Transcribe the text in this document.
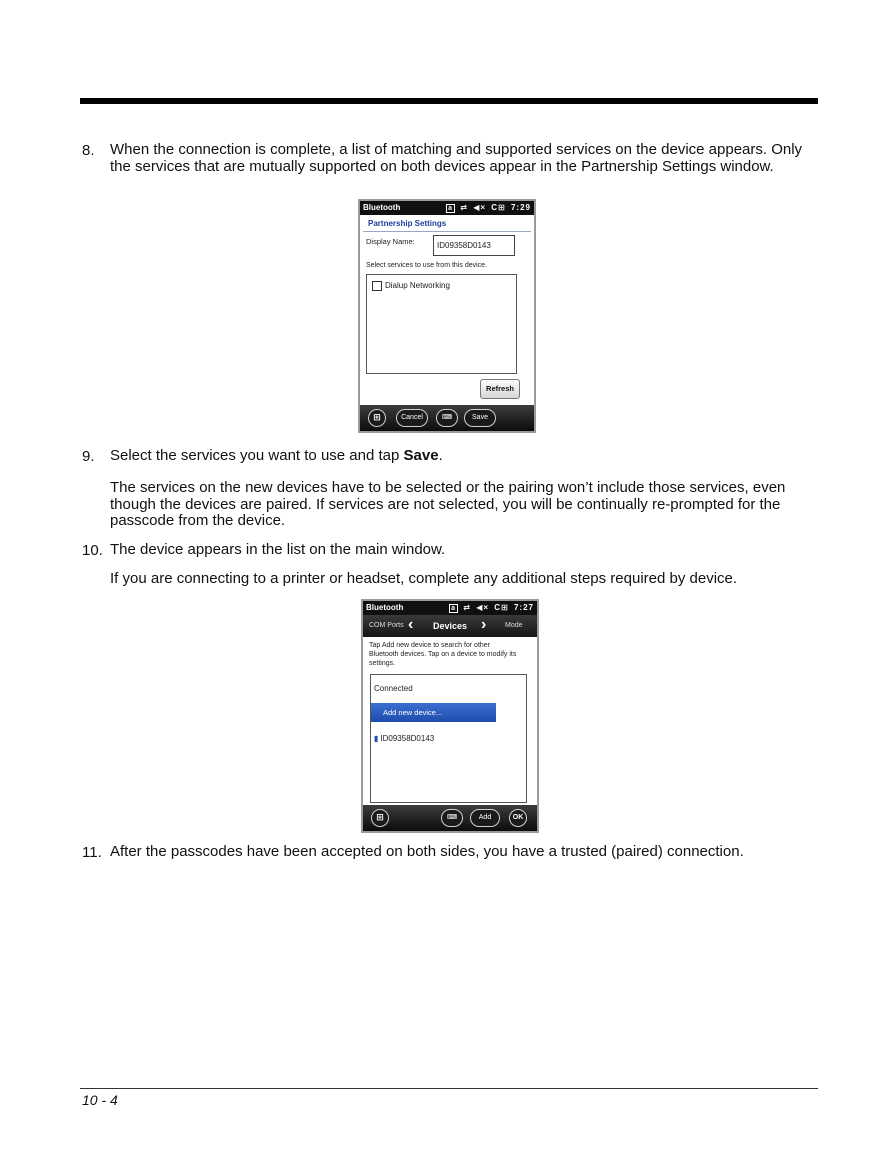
8. When the connection is complete, a list of matching and supported services on the device appears. Only the services that are mutually supported on both devices appear in the Partnership Settings window.
Bluetooth	a ⇄ ◀× C⊞ 7:29
Partnership Settings
Display Name:	ID09358D0143
Select services to use from this device.
Dialup Networking
Refresh
⊞	Cancel	⌨	Save
9. Select the services you want to use and tap Save.
The services on the new devices have to be selected or the pairing won’t include those services, even though the devices are paired. If services are not selected, you will be continually re-prompted for the passcode from the device.
10. The device appears in the list on the main window.
If you are connecting to a printer or headset, complete any additional steps required by device.
Bluetooth	a ⇄ ◀× C⊞ 7:27
COM Ports ‹ Devices ›	Mode
Tap Add new device to search for other Bluetooth devices. Tap on a device to modify its settings.
Connected
Add new device...
▮ ID09358D0143
⊞	⌨	Add	OK
11. After the passcodes have been accepted on both sides, you have a trusted (paired) connection.
10 - 4
